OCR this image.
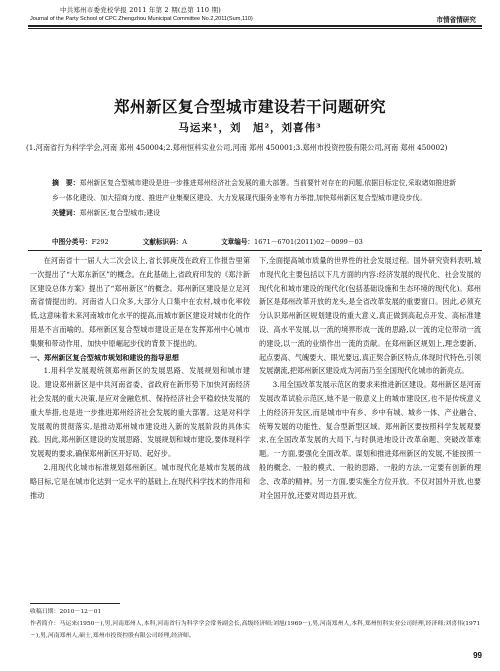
中共郑州市委党校学报 2011 年第 2 期(总第 110 期)
Journal of the Party School of CPC Zhengzhou Municipal Committee No.2,2011(Sum,110)	市情省情研究
郑州新区复合型城市建设若干问题研究
马运来¹，刘　旭²，刘喜伟³
(1.河南省行为科学学会,河南 郑州 450004;2.郑州恒科实业公司,河南 郑州 450001;3.郑州市投资控股有限公司,河南 郑州 450002)
摘　要：郑州新区复合型城市建设是进一步推进郑州经济社会发展的重大部署。当前要针对存在的问题,依据目标定位,采取诸如推进新乡一体化建设、加大招商力度、推进产业集聚区建设、大力发展现代服务业等有力举措,加快郑州新区复合型城市建设步伐。
关键词：郑州新区;复合型城市;建设
中图分类号：F292	文献标识码：A	文章编号：1671－6701(2011)02－0099－03

在河南省十一届人大二次会议上,省长郭庚茂在政府工作报告里第一次提出了“大郑东新区”的概念。在此基础上,省政府印发的《郑汴新区建设总体方案》提出了“郑州新区”的概念。郑州新区建设是立足河南省情提出的。河南省人口众多,大部分人口集中在农村,城市化率较低,这意味着未来河南城市化水平的提高,而城市新区建设对城市化的作用是不言而喻的。郑州新区复合型城市建设正是在发挥郑州中心城市集聚和带动作用、加快中原崛起步伐的背景下提出的。

一、郑州新区复合型城市规划和建设的指导思想

1.用科学发展观统领郑州新区的发展思路、发展规划和城市建设。建设郑州新区是中共河南省委、省政府在新形势下加快河南经济社会发展的重大决策,是应对金融危机、保持经济社会平稳较快发展的重大举措,也是进一步推进郑州经济社会发展的重大部署。这是对科学发展观的贯彻落实,是推动郑州城市建设进入新的发展阶段的具体实践。因此,郑州新区建设的发展思路、发展规划和城市建设,要体现科学发展观的要求,确保郑州新区开好局、起好步。

2.用现代化城市标准规划郑州新区。城市现代化是城市发展的战略目标,它是在城市化达到一定水平的基础上,在现代科学技术的作用和推动

下,全面提高城市质量的世界性的社会发展过程。国外研究资料表明,城市现代化主要包括以下几方面的内容:经济发展的现代化、社会发展的现代化和城市建设的现代化(包括基础设施和生态环境的现代化)。郑州新区是郑州改革开放的龙头,是全省改革发展的重要窗口。因此,必须充分认识郑州新区规划建设的重大意义,真正做到高起点开发、高标准建设、高水平发展,以一流的境界形成一流的思路,以一流的定位带动一流的建设,以一流的业绩作出一流的贡献。在郑州新区规划上,理念要新、起点要高、气魄要大、眼光要远,真正契合新区特点,体现时代特色,引领发展潮流,把郑州新区建设成为河南乃至全国现代化城市的新亮点。

3.用全国改革发展示范区的要求来推进新区建设。郑州新区是河南发展改革试验示范区,她不是一般意义上的城市建设区,也不是传统意义上的经济开发区,而是城市中有乡、乡中有城、城乡一体、产业融合、统筹发展的功能性、复合型新型区域。郑州新区要按照科学发展观要求,在全国改革发展的大局下,与时俱进地设计改革命题、突破改革难题。一方面,要强化全面改革。谋划和推进郑州新区的发展,不能按照一般的概念、一般的模式、一般的思路、一般的方法,一定要有创新的理念、改革的精神。另一方面,要实施全方位开放。不仅对国外开放,也要对全国开放,还要对周边县开放。

收稿日期：2010－12－01
作者简介：马运来(1950－),男,河南郑州人,本科,河南省行为科学学会常务副会长,高级经济师;刘旭(1969－),男,河南郑州人,本科,郑州恒科实业公司经理,经济师;刘喜伟(1971－),男,河南郑州人,硕士,郑州市投资控股有限公司经理,经济师。
99
